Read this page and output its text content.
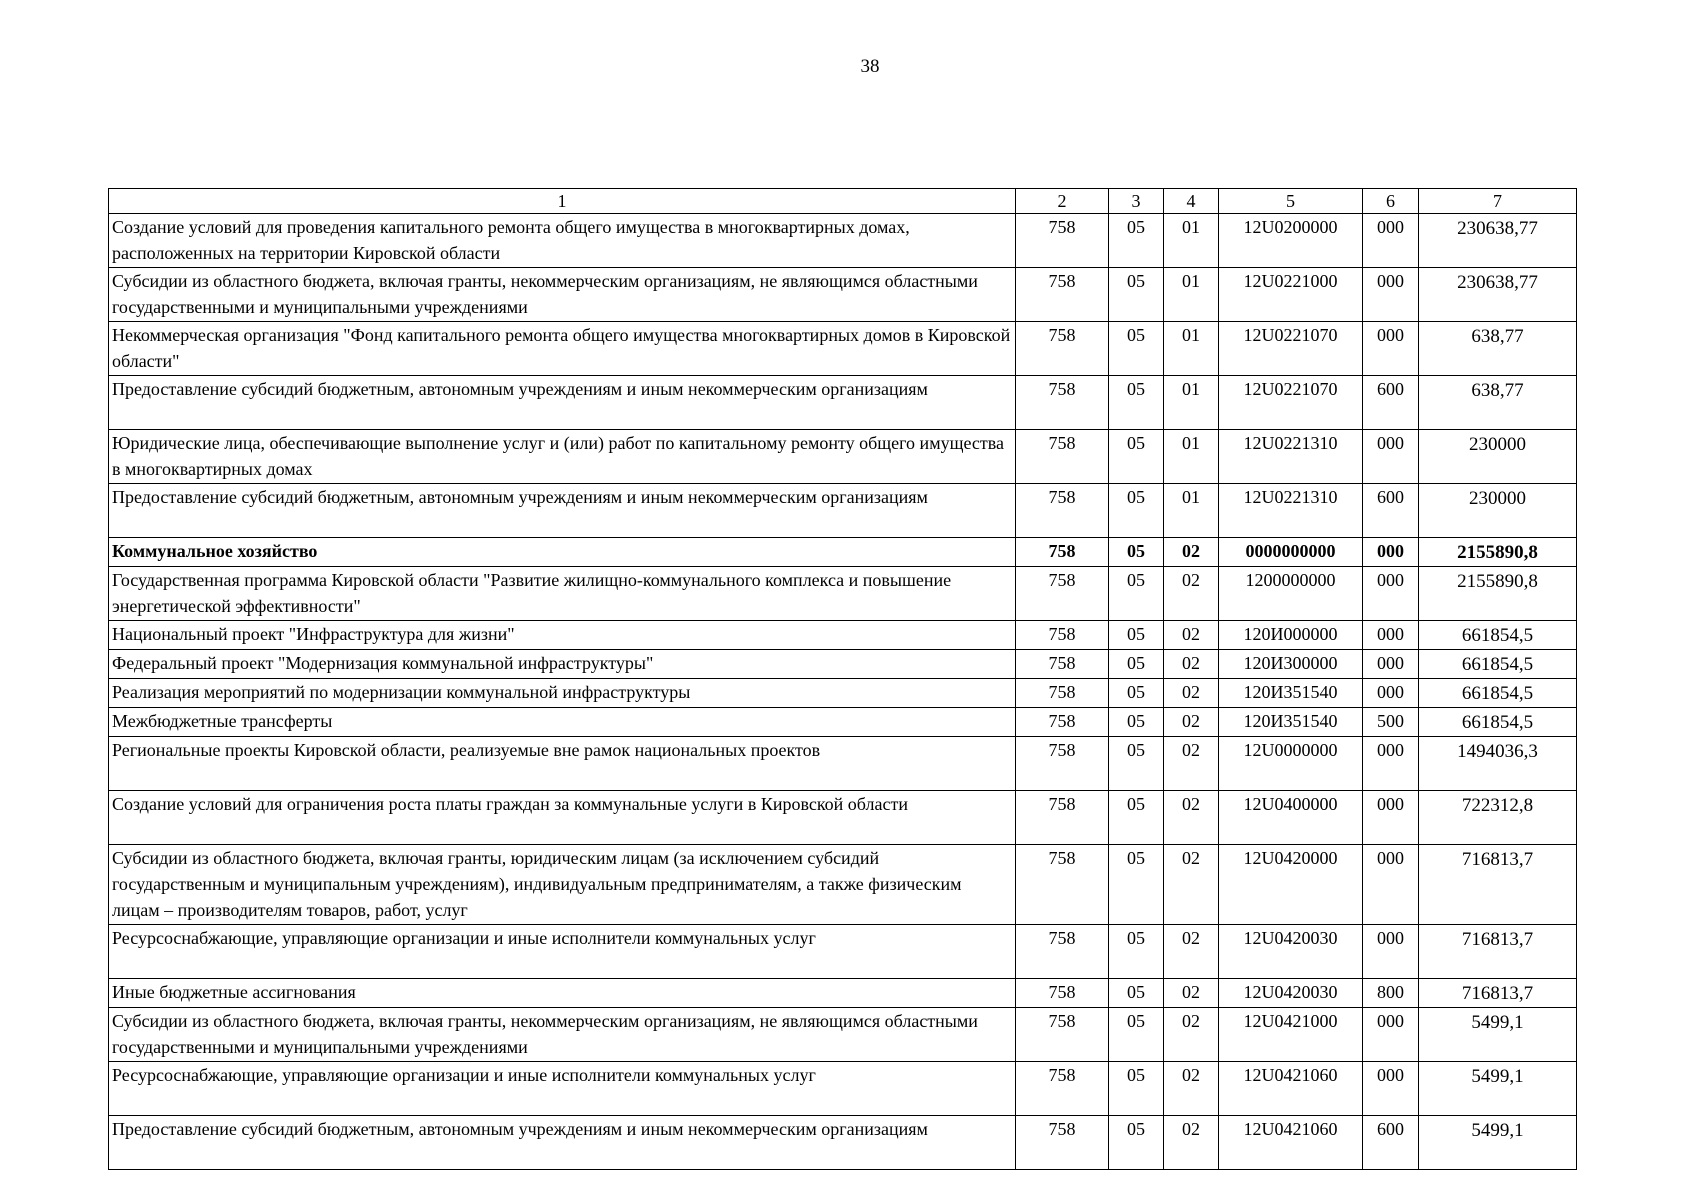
38
1	2	3	4	5	6	7
Создание условий для проведения капитального ремонта общего имущества в многоквартирных домах, расположенных на территории Кировской области	758	05	01	12U0200000	000	230638,77
Субсидии из областного бюджета, включая гранты, некоммерческим организациям, не являющимся областными государственными и муниципальными учреждениями	758	05	01	12U0221000	000	230638,77
Некоммерческая организация "Фонд капитального ремонта общего имущества многоквартирных домов в Кировской области"	758	05	01	12U0221070	000	638,77
Предоставление субсидий бюджетным, автономным учреждениям и иным некоммерческим организациям	758	05	01	12U0221070	600	638,77
Юридические лица, обеспечивающие выполнение услуг и (или) работ по капитальному ремонту общего имущества в многоквартирных домах	758	05	01	12U0221310	000	230000
Предоставление субсидий бюджетным, автономным учреждениям и иным некоммерческим организациям	758	05	01	12U0221310	600	230000
Коммунальное хозяйство	758	05	02	0000000000	000	2155890,8
Государственная программа Кировской области "Развитие жилищно-коммунального комплекса и повышение энергетической эффективности"	758	05	02	1200000000	000	2155890,8
Национальный проект "Инфраструктура для жизни"	758	05	02	120И000000	000	661854,5
Федеральный проект "Модернизация коммунальной инфраструктуры"	758	05	02	120И300000	000	661854,5
Реализация мероприятий по модернизации коммунальной инфраструктуры	758	05	02	120И351540	000	661854,5
Межбюджетные трансферты	758	05	02	120И351540	500	661854,5
Региональные проекты Кировской области, реализуемые вне рамок национальных проектов	758	05	02	12U0000000	000	1494036,3
Создание условий для ограничения роста платы граждан за коммунальные услуги в Кировской области	758	05	02	12U0400000	000	722312,8
Субсидии из областного бюджета, включая гранты, юридическим лицам (за исключением субсидий государственным и муниципальным учреждениям), индивидуальным предпринимателям, а также физическим лицам – производителям товаров, работ, услуг	758	05	02	12U0420000	000	716813,7
Ресурсоснабжающие, управляющие организации и иные исполнители коммунальных услуг	758	05	02	12U0420030	000	716813,7
Иные бюджетные ассигнования	758	05	02	12U0420030	800	716813,7
Субсидии из областного бюджета, включая гранты, некоммерческим организациям, не являющимся областными государственными и муниципальными учреждениями	758	05	02	12U0421000	000	5499,1
Ресурсоснабжающие, управляющие организации и иные исполнители коммунальных услуг	758	05	02	12U0421060	000	5499,1
Предоставление субсидий бюджетным, автономным учреждениям и иным некоммерческим организациям	758	05	02	12U0421060	600	5499,1
